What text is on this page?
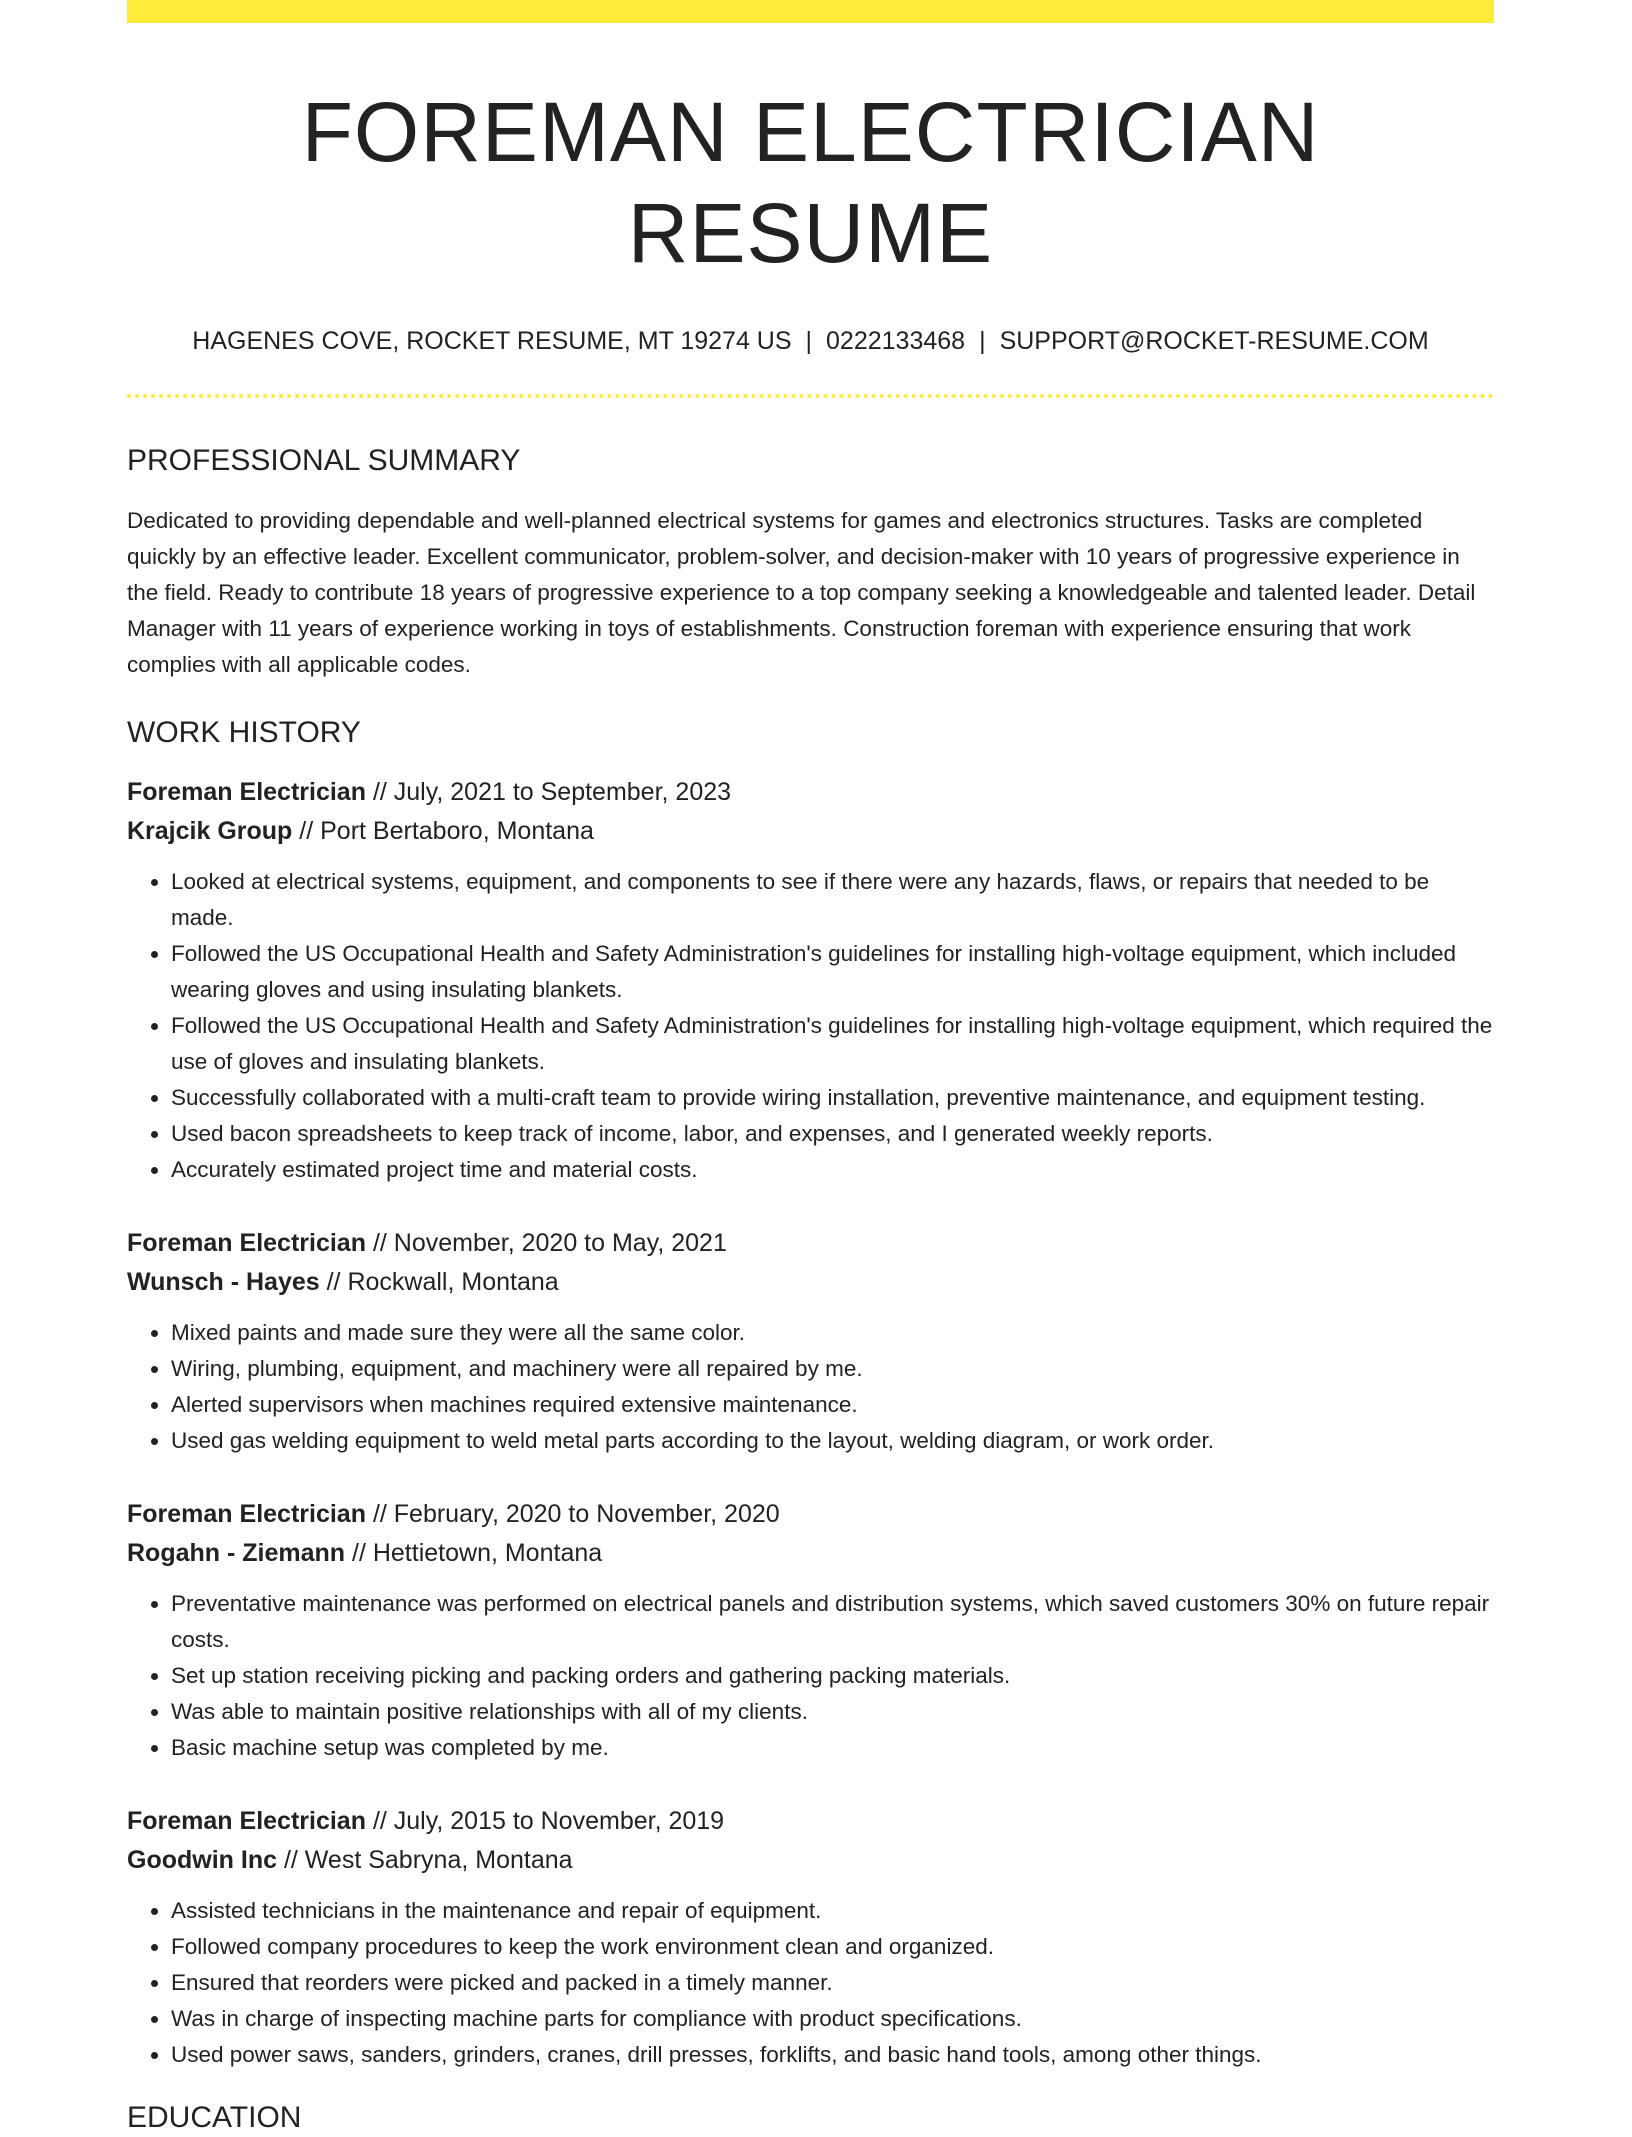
FOREMAN ELECTRICIAN RESUME
HAGENES COVE, ROCKET RESUME, MT 19274 US | 0222133468 | SUPPORT@ROCKET-RESUME.COM
PROFESSIONAL SUMMARY

Dedicated to providing dependable and well-planned electrical systems for games and electronics structures. Tasks are completed quickly by an effective leader. Excellent communicator, problem-solver, and decision-maker with 10 years of progressive experience in the field. Ready to contribute 18 years of progressive experience to a top company seeking a knowledgeable and talented leader. Detail Manager with 11 years of experience working in toys of establishments. Construction foreman with experience ensuring that work complies with all applicable codes.

WORK HISTORY
Foreman Electrician // July, 2021 to September, 2023
Krajcik Group // Port Bertaboro, Montana
• Looked at electrical systems, equipment, and components to see if there were any hazards, flaws, or repairs that needed to be made.
• Followed the US Occupational Health and Safety Administration's guidelines for installing high-voltage equipment, which included wearing gloves and using insulating blankets.
• Followed the US Occupational Health and Safety Administration's guidelines for installing high-voltage equipment, which required the use of gloves and insulating blankets.
• Successfully collaborated with a multi-craft team to provide wiring installation, preventive maintenance, and equipment testing.
• Used bacon spreadsheets to keep track of income, labor, and expenses, and I generated weekly reports.
• Accurately estimated project time and material costs.
Foreman Electrician // November, 2020 to May, 2021
Wunsch - Hayes // Rockwall, Montana
• Mixed paints and made sure they were all the same color.
• Wiring, plumbing, equipment, and machinery were all repaired by me.
• Alerted supervisors when machines required extensive maintenance.
• Used gas welding equipment to weld metal parts according to the layout, welding diagram, or work order.
Foreman Electrician // February, 2020 to November, 2020
Rogahn - Ziemann // Hettietown, Montana
• Preventative maintenance was performed on electrical panels and distribution systems, which saved customers 30% on future repair costs.
• Set up station receiving picking and packing orders and gathering packing materials.
• Was able to maintain positive relationships with all of my clients.
• Basic machine setup was completed by me.
Foreman Electrician // July, 2015 to November, 2019
Goodwin Inc // West Sabryna, Montana
• Assisted technicians in the maintenance and repair of equipment.
• Followed company procedures to keep the work environment clean and organized.
• Ensured that reorders were picked and packed in a timely manner.
• Was in charge of inspecting machine parts for compliance with product specifications.
• Used power saws, sanders, grinders, cranes, drill presses, forklifts, and basic hand tools, among other things.
EDUCATION
